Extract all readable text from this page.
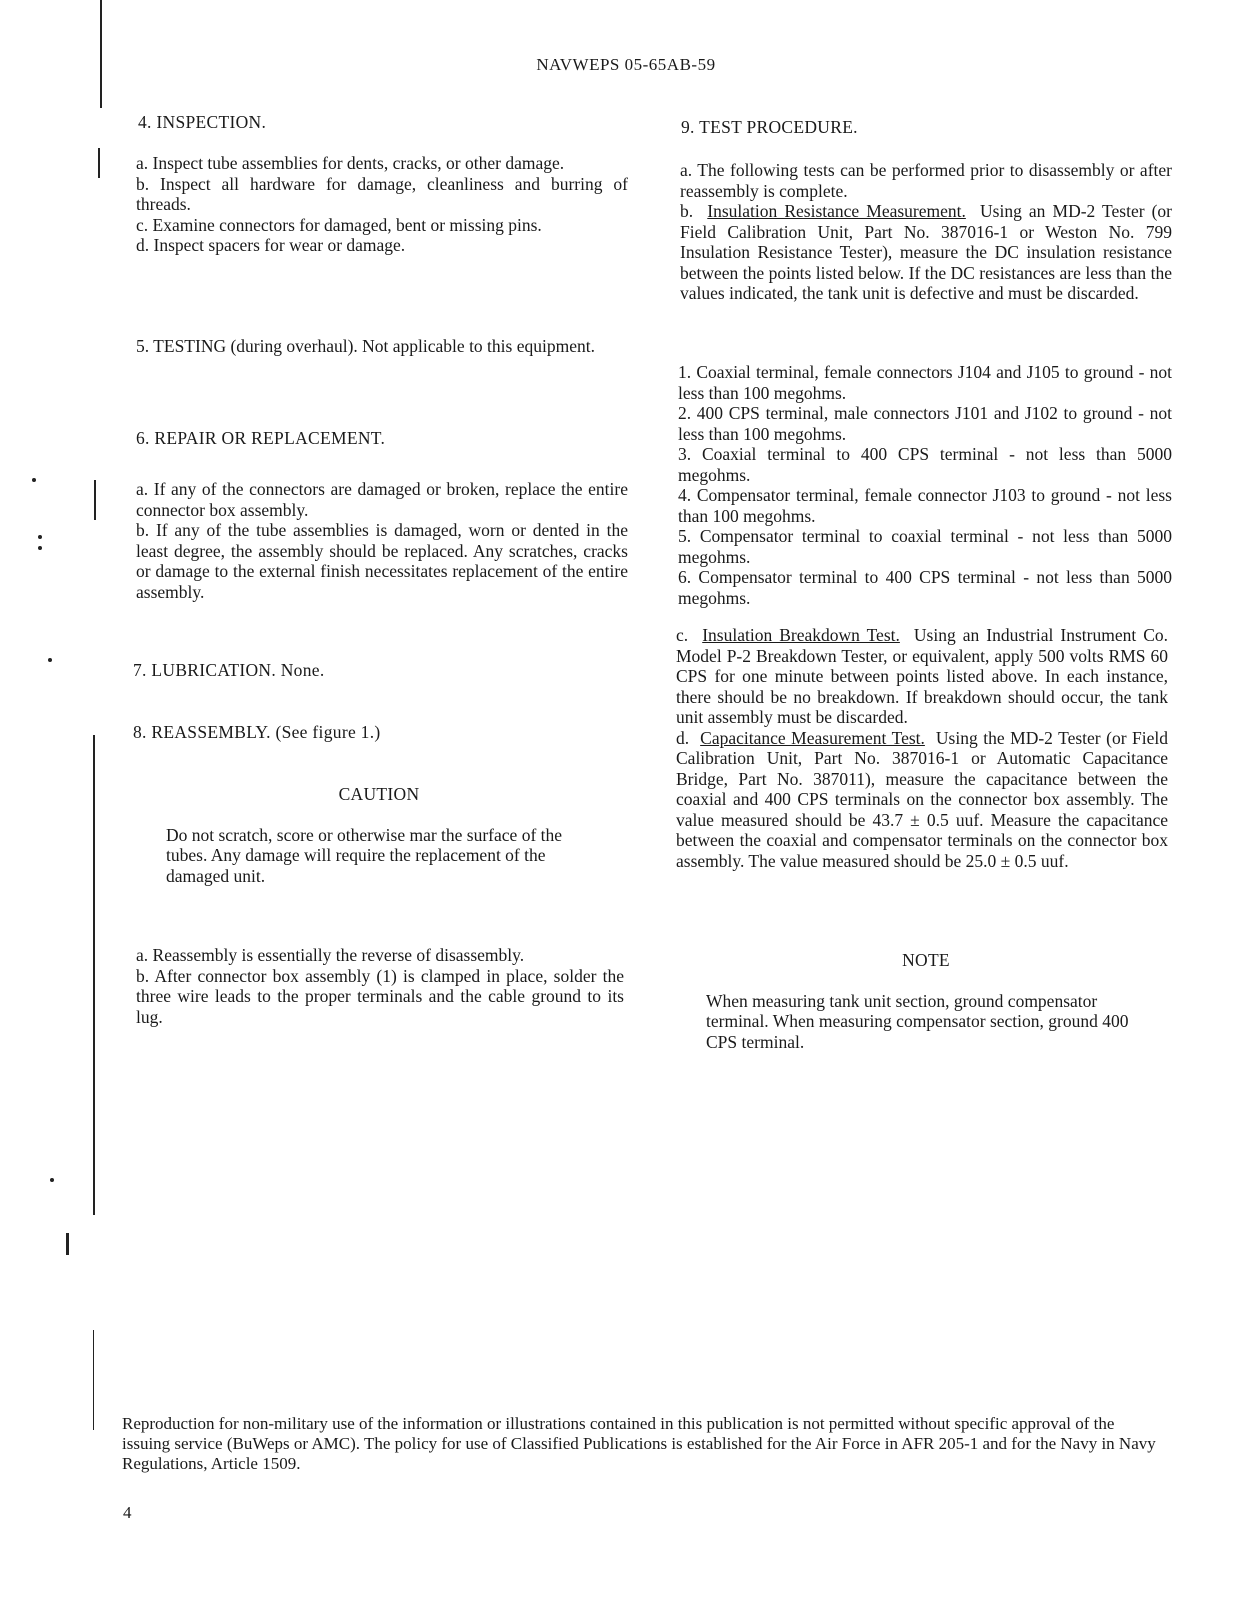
NAVWEPS 05-65AB-59

4. INSPECTION.

a. Inspect tube assemblies for dents, cracks, or other damage.

b. Inspect all hardware for damage, cleanliness and burring of threads.

c. Examine connectors for damaged, bent or missing pins.

d. Inspect spacers for wear or damage.

5. TESTING (during overhaul). Not applicable to this equipment.

6. REPAIR OR REPLACEMENT.

a. If any of the connectors are damaged or broken, replace the entire connector box assembly.

b. If any of the tube assemblies is damaged, worn or dented in the least degree, the assembly should be replaced. Any scratches, cracks or damage to the external finish necessitates replacement of the entire assembly.

7. LUBRICATION. None.

8. REASSEMBLY. (See figure 1.)

CAUTION

Do not scratch, score or otherwise mar the surface of the tubes. Any damage will require the replacement of the damaged unit.

a. Reassembly is essentially the reverse of disassembly.

b. After connector box assembly (1) is clamped in place, solder the three wire leads to the proper terminals and the cable ground to its lug.

9. TEST PROCEDURE.

a. The following tests can be performed prior to disassembly or after reassembly is complete.

b. Insulation Resistance Measurement. Using an MD-2 Tester (or Field Calibration Unit, Part No. 387016-1 or Weston No. 799 Insulation Resistance Tester), measure the DC insulation resistance between the points listed below. If the DC resistances are less than the values indicated, the tank unit is defective and must be discarded.

1. Coaxial terminal, female connectors J104 and J105 to ground - not less than 100 megohms.

2. 400 CPS terminal, male connectors J101 and J102 to ground - not less than 100 megohms.

3. Coaxial terminal to 400 CPS terminal - not less than 5000 megohms.

4. Compensator terminal, female connector J103 to ground - not less than 100 megohms.

5. Compensator terminal to coaxial terminal - not less than 5000 megohms.

6. Compensator terminal to 400 CPS terminal - not less than 5000 megohms.

c. Insulation Breakdown Test. Using an Industrial Instrument Co. Model P-2 Breakdown Tester, or equivalent, apply 500 volts RMS 60 CPS for one minute between points listed above. In each instance, there should be no breakdown. If breakdown should occur, the tank unit assembly must be discarded.

d. Capacitance Measurement Test. Using the MD-2 Tester (or Field Calibration Unit, Part No. 387016-1 or Automatic Capacitance Bridge, Part No. 387011), measure the capacitance between the coaxial and 400 CPS terminals on the connector box assembly. The value measured should be 43.7 ± 0.5 uuf. Measure the capacitance between the coaxial and compensator terminals on the connector box assembly. The value measured should be 25.0 ± 0.5 uuf.

NOTE

When measuring tank unit section, ground compensator terminal. When measuring compensator section, ground 400 CPS terminal.

Reproduction for non-military use of the information or illustrations contained in this publication is not permitted without specific approval of the issuing service (BuWeps or AMC). The policy for use of Classified Publications is established for the Air Force in AFR 205-1 and for the Navy in Navy Regulations, Article 1509.
4
